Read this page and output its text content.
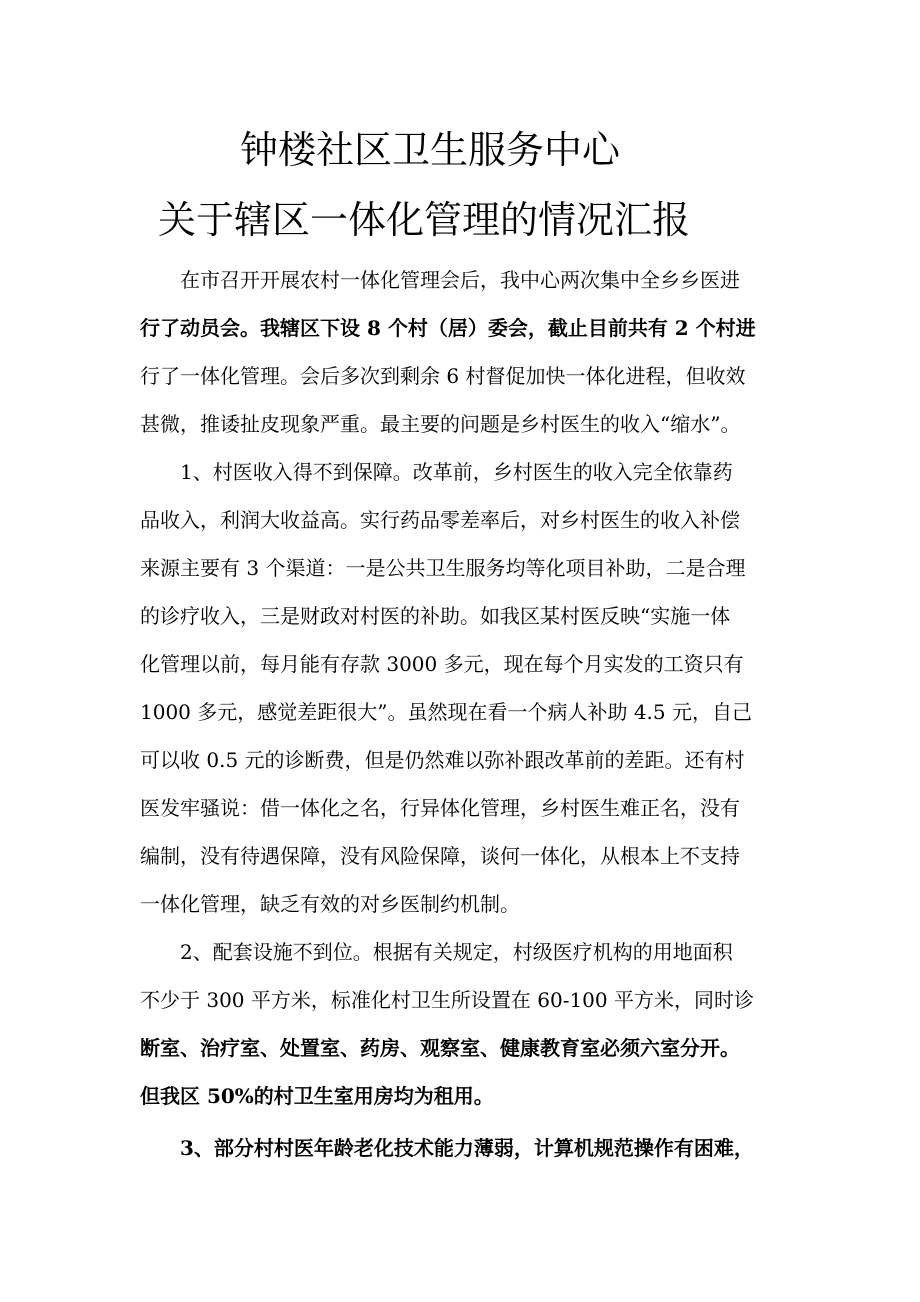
钟楼社区卫生服务中心
关于辖区一体化管理的情况汇报
　　在市召开开展农村一体化管理会后，我中心两次集中全乡乡医进
行了动员会。我辖区下设 8 个村（居）委会，截止目前共有 2 个村进
行了一体化管理。会后多次到剩余 6 村督促加快一体化进程，但收效
甚微，推诿扯皮现象严重。最主要的问题是乡村医生的收入“缩水”。
　　1、村医收入得不到保障。改革前，乡村医生的收入完全依靠药
品收入，利润大收益高。实行药品零差率后，对乡村医生的收入补偿
来源主要有 3 个渠道：一是公共卫生服务均等化项目补助，二是合理
的诊疗收入，三是财政对村医的补助。如我区某村医反映“实施一体
化管理以前，每月能有存款 3000 多元，现在每个月实发的工资只有
1000 多元，感觉差距很大”。虽然现在看一个病人补助 4.5 元，自己
可以收 0.5 元的诊断费，但是仍然难以弥补跟改革前的差距。还有村
医发牢骚说：借一体化之名，行异体化管理，乡村医生难正名，没有
编制，没有待遇保障，没有风险保障，谈何一体化，从根本上不支持
一体化管理，缺乏有效的对乡医制约机制。
　　2、配套设施不到位。根据有关规定，村级医疗机构的用地面积
不少于 300 平方米，标准化村卫生所设置在 60-100 平方米，同时诊
断室、治疗室、处置室、药房、观察室、健康教育室必须六室分开。
但我区 50%的村卫生室用房均为租用。
　　3、部分村村医年龄老化技术能力薄弱，计算机规范操作有困难，
